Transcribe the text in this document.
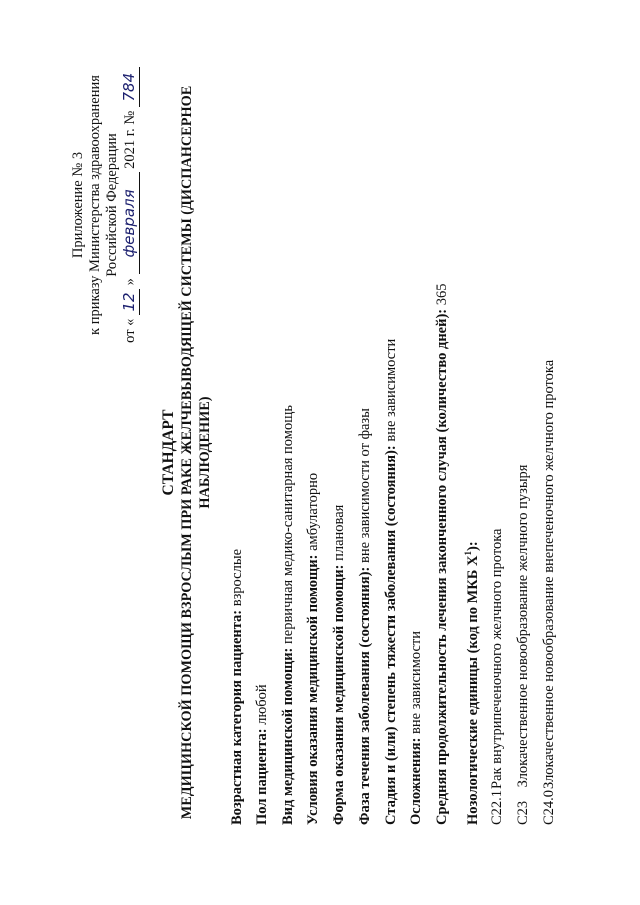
Приложение № 3 к приказу Министерства здравоохранения Российской Федерации
от « 12 » февраля 2021 г. № 784
СТАНДАРТ МЕДИЦИНСКОЙ ПОМОЩИ ВЗРОСЛЫМ ПРИ РАКЕ ЖЕЛЧЕВЫВОДЯЩЕЙ СИСТЕМЫ (ДИСПАНСЕРНОЕ НАБЛЮДЕНИЕ)
Возрастная категория пациента: взрослые
Пол пациента: любой Вид медицинской помощи: первичная медико-санитарная помощь
Условия оказания медицинской помощи: амбулаторно
Форма оказания медицинской помощи: плановая
Фаза течения заболевания (состояния): вне зависимости от фазы Стадия и (или) степень тяжести заболевания (состояния): вне зависимости
Осложнения: вне зависимости Средняя продолжительность лечения законченного случая (количество дней): 365
Нозологические единицы (код по МКБ $Х^1$):
C22.1Рак внутрипеченочного желчного протока
C23 Злокачественное новообразование желчного пузыря
C24.0Злокачественное новообразование внепеченочного желчного протока
